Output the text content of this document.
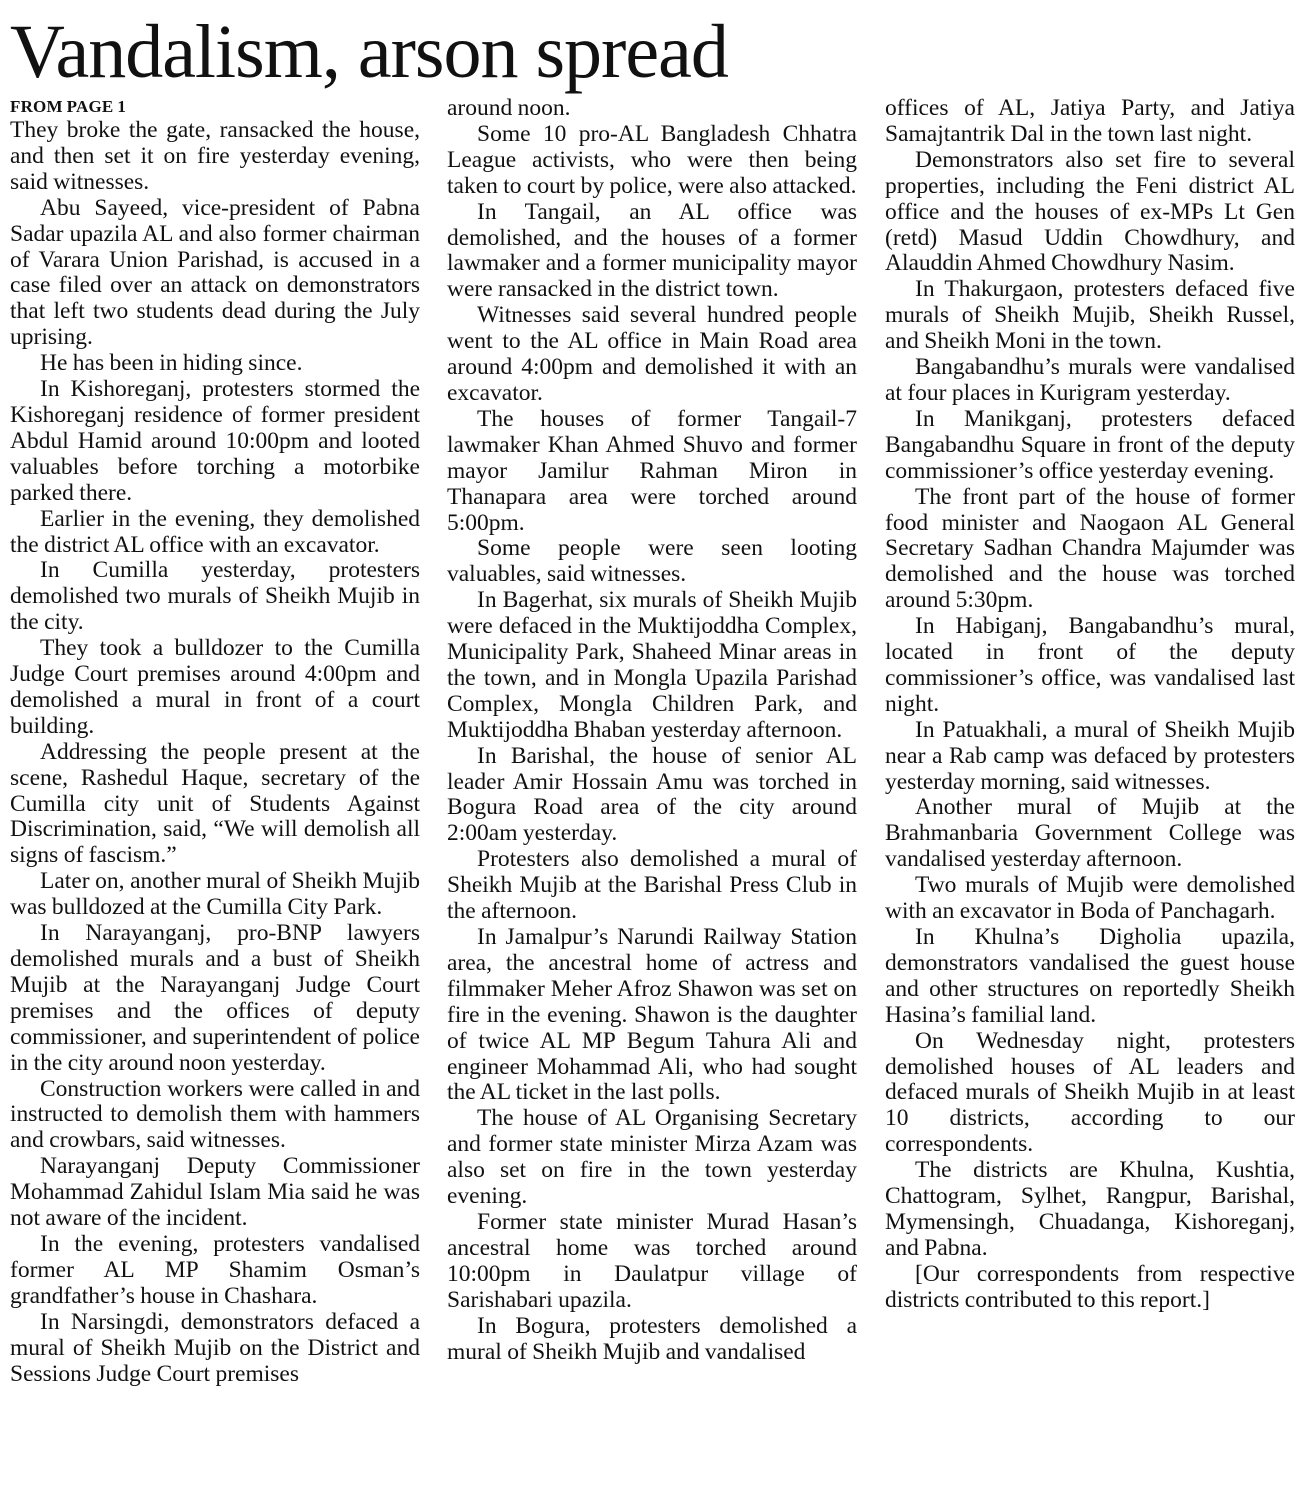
Vandalism, arson spread
FROM PAGE 1

They broke the gate, ransacked the house, and then set it on fire yesterday evening, said witnesses.

Abu Sayeed, vice-president of Pabna Sadar upazila AL and also former chairman of Varara Union Parishad, is accused in a case filed over an attack on demonstrators that left two students dead during the July uprising.

He has been in hiding since.

In Kishoreganj, protesters stormed the Kishoreganj residence of former president Abdul Hamid around 10:00pm and looted valuables before torching a motorbike parked there.

Earlier in the evening, they demolished the district AL office with an excavator.

In Cumilla yesterday, protesters demolished two murals of Sheikh Mujib in the city.

They took a bulldozer to the Cumilla Judge Court premises around 4:00pm and demolished a mural in front of a court building.

Addressing the people present at the scene, Rashedul Haque, secretary of the Cumilla city unit of Students Against Discrimination, said, “We will demolish all signs of fascism.”

Later on, another mural of Sheikh Mujib was bulldozed at the Cumilla City Park.

In Narayanganj, pro-BNP lawyers demolished murals and a bust of Sheikh Mujib at the Narayanganj Judge Court premises and the offices of deputy commissioner, and superintendent of police in the city around noon yesterday.

Construction workers were called in and instructed to demolish them with hammers and crowbars, said witnesses.

Narayanganj Deputy Commissioner Mohammad Zahidul Islam Mia said he was not aware of the incident.

In the evening, protesters vandalised former AL MP Shamim Osman’s grandfather’s house in Chashara.

In Narsingdi, demonstrators defaced a mural of Sheikh Mujib on the District and Sessions Judge Court premises

around noon.

Some 10 pro-AL Bangladesh Chhatra League activists, who were then being taken to court by police, were also attacked.

In Tangail, an AL office was demolished, and the houses of a former lawmaker and a former municipality mayor were ransacked in the district town.

Witnesses said several hundred people went to the AL office in Main Road area around 4:00pm and demolished it with an excavator.

The houses of former Tangail-7 lawmaker Khan Ahmed Shuvo and former mayor Jamilur Rahman Miron in Thanapara area were torched around 5:00pm.

Some people were seen looting valuables, said witnesses.

In Bagerhat, six murals of Sheikh Mujib were defaced in the Muktijoddha Complex, Municipality Park, Shaheed Minar areas in the town, and in Mongla Upazila Parishad Complex, Mongla Children Park, and Muktijoddha Bhaban yesterday afternoon.

In Barishal, the house of senior AL leader Amir Hossain Amu was torched in Bogura Road area of the city around 2:00am yesterday.

Protesters also demolished a mural of Sheikh Mujib at the Barishal Press Club in the afternoon.

In Jamalpur’s Narundi Railway Station area, the ancestral home of actress and filmmaker Meher Afroz Shawon was set on fire in the evening. Shawon is the daughter of twice AL MP Begum Tahura Ali and engineer Mohammad Ali, who had sought the AL ticket in the last polls.

The house of AL Organising Secretary and former state minister Mirza Azam was also set on fire in the town yesterday evening.

Former state minister Murad Hasan’s ancestral home was torched around 10:00pm in Daulatpur village of Sarishabari upazila.

In Bogura, protesters demolished a mural of Sheikh Mujib and vandalised

offices of AL, Jatiya Party, and Jatiya Samajtantrik Dal in the town last night.

Demonstrators also set fire to several properties, including the Feni district AL office and the houses of ex-MPs Lt Gen (retd) Masud Uddin Chowdhury, and Alauddin Ahmed Chowdhury Nasim.

In Thakurgaon, protesters defaced five murals of Sheikh Mujib, Sheikh Russel, and Sheikh Moni in the town.

Bangabandhu’s murals were vandalised at four places in Kurigram yesterday.

In Manikganj, protesters defaced Bangabandhu Square in front of the deputy commissioner’s office yesterday evening.

The front part of the house of former food minister and Naogaon AL General Secretary Sadhan Chandra Majumder was demolished and the house was torched around 5:30pm.

In Habiganj, Bangabandhu’s mural, located in front of the deputy commissioner’s office, was vandalised last night.

In Patuakhali, a mural of Sheikh Mujib near a Rab camp was defaced by protesters yesterday morning, said witnesses.

Another mural of Mujib at the Brahmanbaria Government College was vandalised yesterday afternoon.

Two murals of Mujib were demolished with an excavator in Boda of Panchagarh.

In Khulna’s Digholia upazila, demonstrators vandalised the guest house and other structures on reportedly Sheikh Hasina’s familial land.

On Wednesday night, protesters demolished houses of AL leaders and defaced murals of Sheikh Mujib in at least 10 districts, according to our correspondents.

The districts are Khulna, Kushtia, Chattogram, Sylhet, Rangpur, Barishal, Mymensingh, Chuadanga, Kishoreganj, and Pabna.

[Our correspondents from respective districts contributed to this report.]
